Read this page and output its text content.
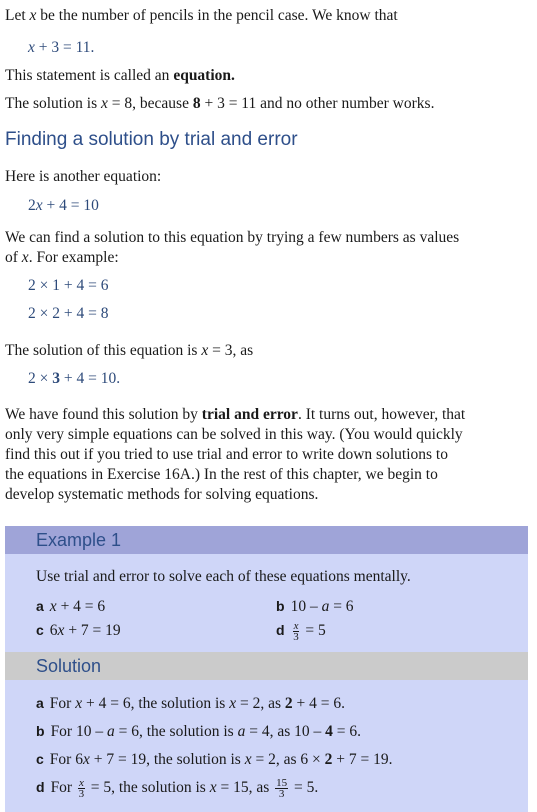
Let x be the number of pencils in the pencil case. We know that
x + 3 = 11.
This statement is called an equation.
The solution is x = 8, because 8 + 3 = 11 and no other number works.
Finding a solution by trial and error
Here is another equation:
2x + 4 = 10
We can find a solution to this equation by trying a few numbers as values
of x. For example:
2 × 1 + 4 = 6
2 × 2 + 4 = 8
The solution of this equation is x = 3, as
2 × 3 + 4 = 10.
We have found this solution by trial and error. It turns out, however, that
only very simple equations can be solved in this way. (You would quickly
find this out if you tried to use trial and error to write down solutions to
the equations in Exercise 16A.) In the rest of this chapter, we begin to
develop systematic methods for solving equations.
Example 1
Use trial and error to solve each of these equations mentally.
a x + 4 = 6	b 10 – a = 6
c 6x + 7 = 19	d $\frac{x}{3} = 5$
Solution
a For x + 4 = 6, the solution is x = 2, as 2 + 4 = 6.
b For 10 – a = 6, the solution is a = 4, as 10 – 4 = 6.
c For 6x + 7 = 19, the solution is x = 2, as 6 × 2 + 7 = 19.
d For $\frac{x}{3} = 5$, the solution is x = 15, as $\frac{15}{3} = 5$.
